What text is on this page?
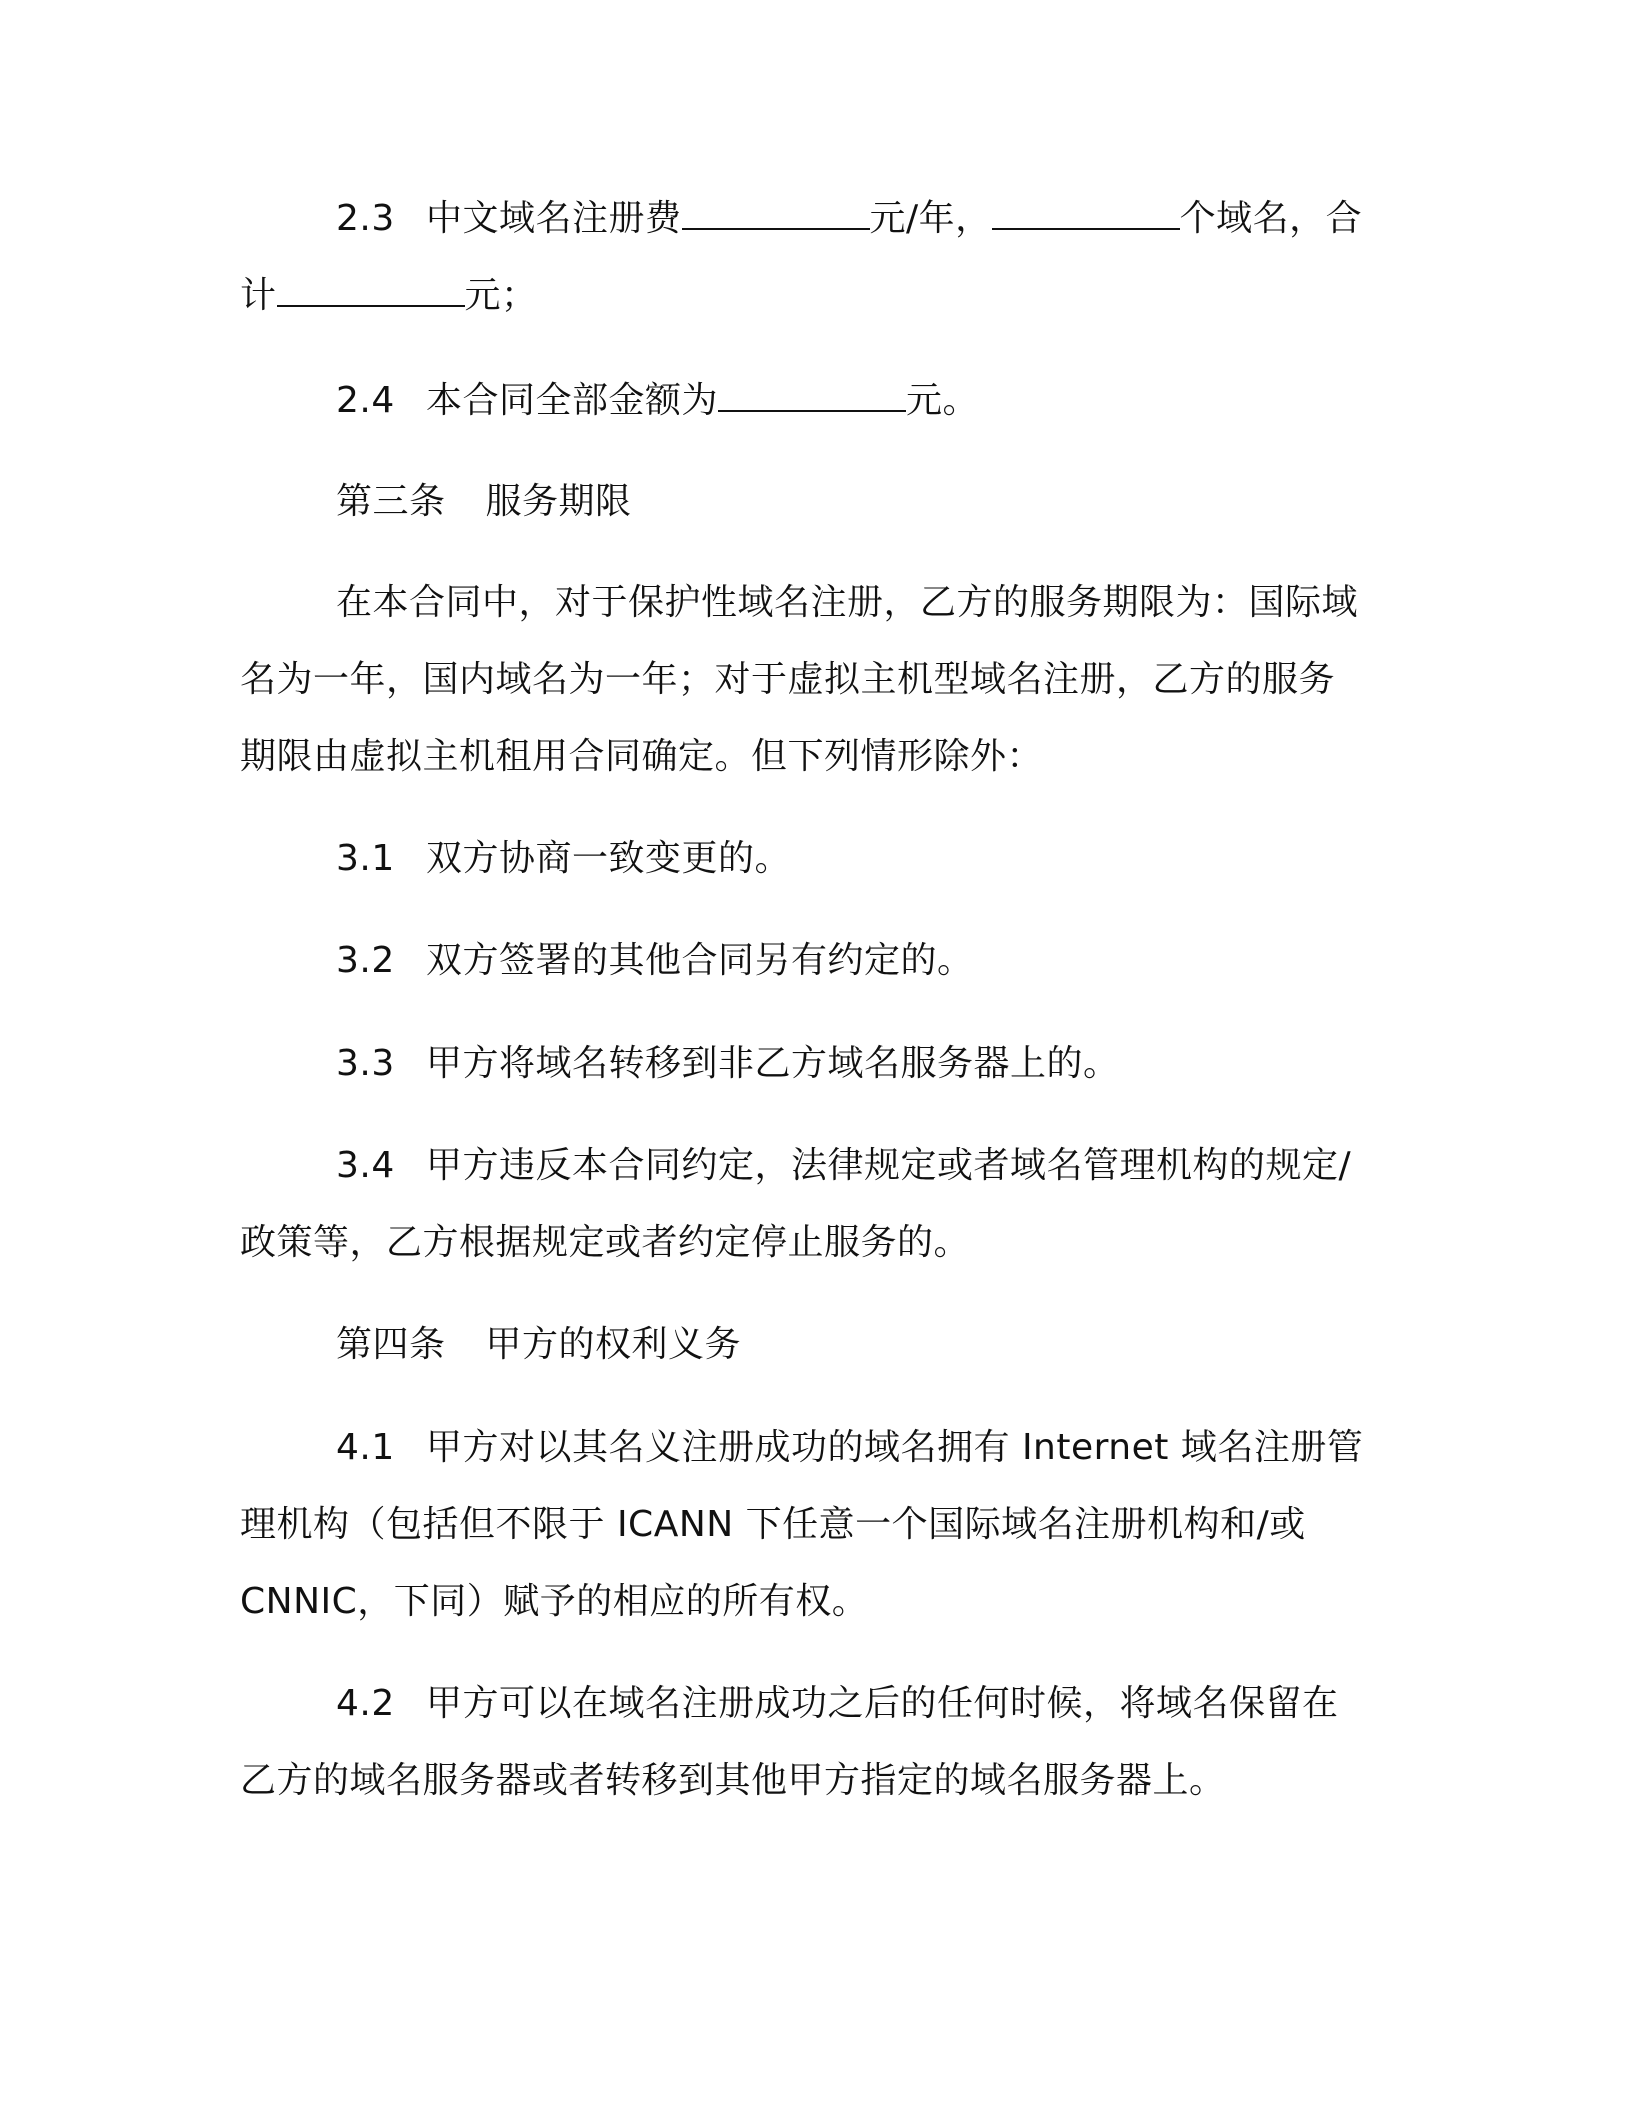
2.3 中文域名注册费	元/年，	个域名，合
计	元；
2.4 本合同全部金额为	元。
第三条 服务期限
在本合同中，对于保护性域名注册，乙方的服务期限为：国际域
名为一年，国内域名为一年；对于虚拟主机型域名注册，乙方的服务
期限由虚拟主机租用合同确定。但下列情形除外：
3.1 双方协商一致变更的。
3.2 双方签署的其他合同另有约定的。
3.3 甲方将域名转移到非乙方域名服务器上的。
3.4 甲方违反本合同约定，法律规定或者域名管理机构的规定/
政策等，乙方根据规定或者约定停止服务的。
第四条 甲方的权利义务
4.1 甲方对以其名义注册成功的域名拥有 Internet 域名注册管
理机构（包括但不限于 ICANN 下任意一个国际域名注册机构和/或
CNNIC，下同）赋予的相应的所有权。
4.2 甲方可以在域名注册成功之后的任何时候，将域名保留在
乙方的域名服务器或者转移到其他甲方指定的域名服务器上。
